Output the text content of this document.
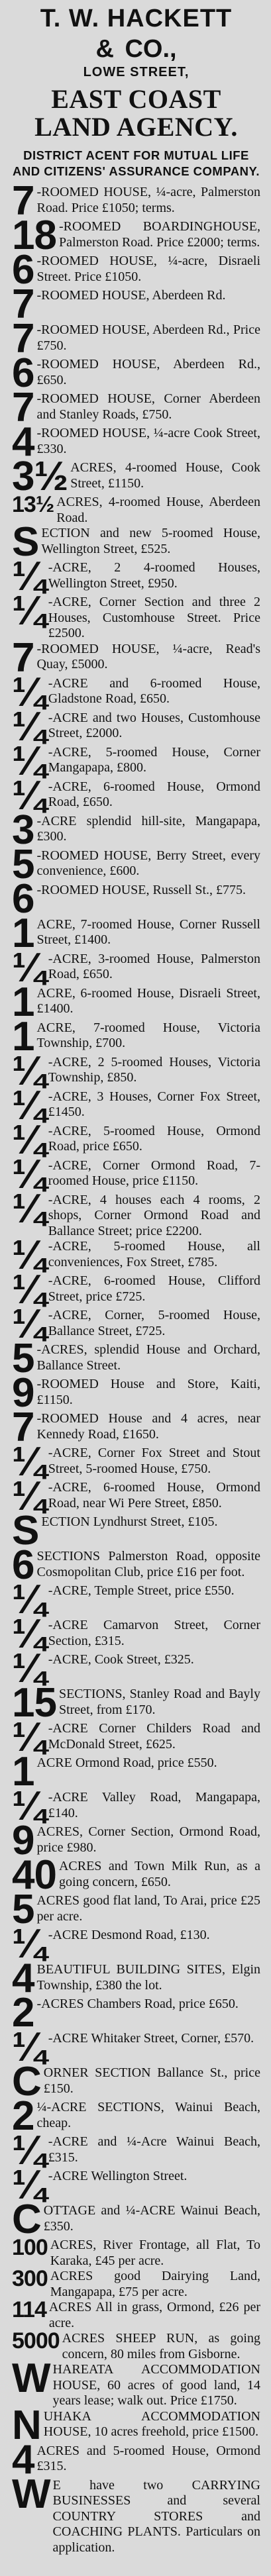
T. W. HACKETT
& CO.,
LOWE STREET,
EAST COAST LAND AGENCY.
DISTRICT ACENT FOR MUTUAL LIFE AND CITIZENS' ASSURANCE COMPANY.
7 -ROOMED HOUSE, ¼-acre, Palmerston Road. Price £1050; terms.
18 -ROOMED BOARDINGHOUSE, Palmerston Road. Price £2000; terms.
6 -ROOMED HOUSE, ¼-acre, Disraeli Street. Price £1050.
7 -ROOMED HOUSE, Aberdeen Rd.
7 -ROOMED HOUSE, Aberdeen Rd., Price £750.
6 -ROOMED HOUSE, Aberdeen Rd., £650.
7 -ROOMED HOUSE, Corner Aberdeen and Stanley Roads, £750.
4 -ROOMED HOUSE, ¼-acre Cook Street, £330.
3½ ACRES, 4-roomed House, Cook Street, £1150.
13½ ACRES, 4-roomed House, Aberdeen Road.
S ECTION and new 5-roomed House, Wellington Street, £525.
¼ -ACRE, 2 4-roomed Houses, Wellington Street, £950.
¼ -ACRE, Corner Section and three 2 Houses, Customhouse Street. Price £2500.
7 -ROOMED HOUSE, ¼-acre, Read's Quay, £5000.
¼ -ACRE and 6-roomed House, Gladstone Road, £650.
¼ -ACRE and two Houses, Customhouse Street, £2000.
¼ -ACRE, 5-roomed House, Corner Mangapapa, £800.
¼ -ACRE, 6-roomed House, Ormond Road, £650.
3 -ACRE splendid hill-site, Mangapapa, £300.
5 -ROOMED HOUSE, Berry Street, every convenience, £600.
6 -ROOMED HOUSE, Russell St., £775.
1 ACRE, 7-roomed House, Corner Russell Street, £1400.
¼ -ACRE, 3-roomed House, Palmerston Road, £650.
1 ACRE, 6-roomed House, Disraeli Street, £1400.
1 ACRE, 7-roomed House, Victoria Township, £700.
¼ -ACRE, 2 5-roomed Houses, Victoria Township, £850.
¼ -ACRE, 3 Houses, Corner Fox Street, £1450.
¼ -ACRE, 5-roomed House, Ormond Road, price £650.
¼ -ACRE, Corner Ormond Road, 7-roomed House, price £1150.
¼ -ACRE, 4 houses each 4 rooms, 2 shops, Corner Ormond Road and Ballance Street; price £2200.
¼ -ACRE, 5-roomed House, all conveniences, Fox Street, £785.
¼ -ACRE, 6-roomed House, Clifford Street, price £725.
¼ -ACRE, Corner, 5-roomed House, Ballance Street, £725.
5 -ACRES, splendid House and Orchard, Ballance Street.
9 -ROOMED House and Store, Kaiti, £1150.
7 -ROOMED House and 4 acres, near Kennedy Road, £1650.
¼ -ACRE, Corner Fox Street and Stout Street, 5-roomed House, £750.
¼ -ACRE, 6-roomed House, Ormond Road, near Wi Pere Street, £850.
S ECTION Lyndhurst Street, £105.
6 SECTIONS Palmerston Road, opposite Cosmopolitan Club, price £16 per foot.
¼ -ACRE, Temple Street, price £550.
¼ -ACRE Camarvon Street, Corner Section, £315.
¼ -ACRE, Cook Street, £325.
15 SECTIONS, Stanley Road and Bayly Street, from £170.
¼ -ACRE Corner Childers Road and McDonald Street, £625.
1 ACRE Ormond Road, price £550.
¼ -ACRE Valley Road, Mangapapa, £140.
9 ACRES, Corner Section, Ormond Road, price £980.
40 ACRES and Town Milk Run, as a going concern, £650.
5 ACRES good flat land, To Arai, price £25 per acre.
¼ -ACRE Desmond Road, £130.
4 BEAUTIFUL BUILDING SITES, Elgin Township, £380 the lot.
2 -ACRES Chambers Road, price £650.
¼ -ACRE Whitaker Street, Corner, £570.
C ORNER SECTION Ballance St., price £150.
2 ¼-ACRE SECTIONS, Wainui Beach, cheap.
¼ -ACRE and ¼-Acre Wainui Beach, £315.
¼ -ACRE Wellington Street.
C OTTAGE and ¼-ACRE Wainui Beach, £350.
100 ACRES, River Frontage, all Flat, To Karaka, £45 per acre.
300 ACRES good Dairying Land, Mangapapa, £75 per acre.
114 ACRES All in grass, Ormond, £26 per acre.
5000 ACRES SHEEP RUN, as going concern, 80 miles from Gisborne.
W HAREATA ACCOMMODATION HOUSE, 60 acres of good land, 14 years lease; walk out. Price £1750.
N UHAKA ACCOMMODATION HOUSE, 10 acres freehold, price £1500.
4 ACRES and 5-roomed House, Ormond £315.
W E have two CARRYING BUSINESSES and several COUNTRY STORES and COACHING PLANTS. Particulars on application.
